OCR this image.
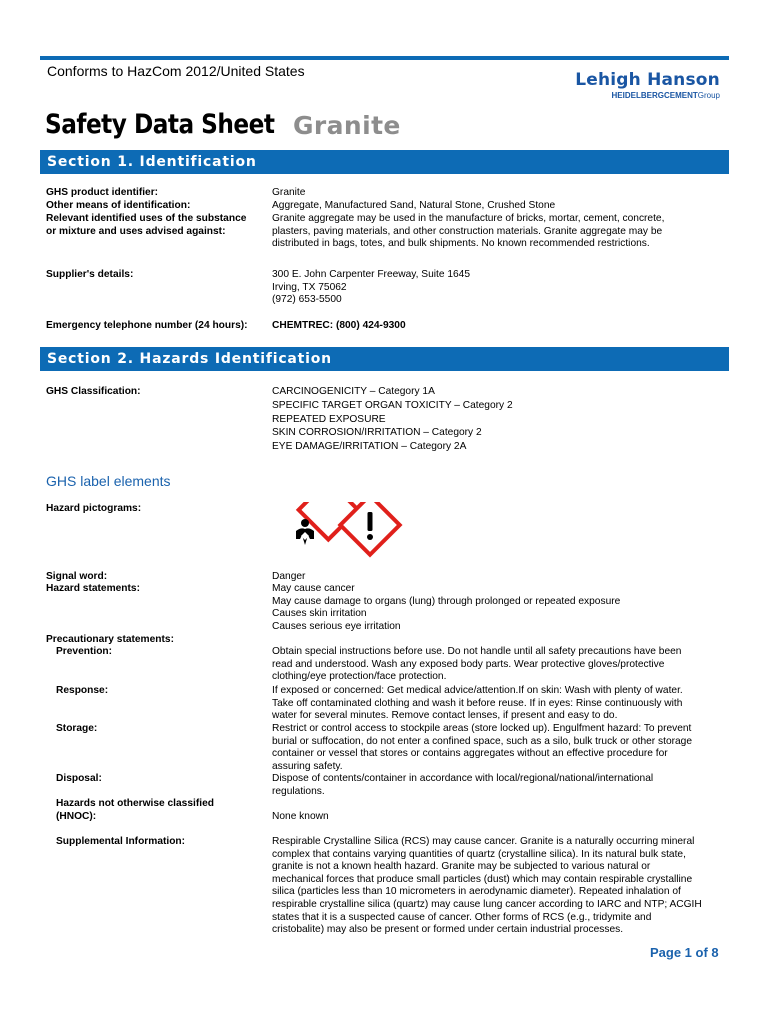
Conforms to HazCom 2012/United States	Lehigh Hanson
HEIDELBERGCEMENTGroup
Safety Data Sheet Granite
Section 1. Identification
GHS product identifier:	Granite
Other means of identification:	Aggregate, Manufactured Sand, Natural Stone, Crushed Stone
Relevant identified uses of the substance
or mixture and uses advised against:
Granite aggregate may be used in the manufacture of bricks, mortar, cement, concrete,
plasters, paving materials, and other construction materials. Granite aggregate may be
distributed in bags, totes, and bulk shipments. No known recommended restrictions.
Supplier's details:	300 E. John Carpenter Freeway, Suite 1645
Irving, TX 75062
(972) 653-5500
Emergency telephone number (24 hours):	CHEMTREC: (800) 424-9300
Section 2. Hazards Identification
GHS Classification:	CARCINOGENICITY – Category 1A
SPECIFIC TARGET ORGAN TOXICITY – Category 2
REPEATED EXPOSURE
SKIN CORROSION/IRRITATION – Category 2
EYE DAMAGE/IRRITATION – Category 2A
GHS label elements
Hazard pictograms:
Signal word:	Danger
Hazard statements:	May cause cancer
May cause damage to organs (lung) through prolonged or repeated exposure
Causes skin irritation
Causes serious eye irritation
Precautionary statements:
Prevention:	Obtain special instructions before use. Do not handle until all safety precautions have been
read and understood. Wash any exposed body parts. Wear protective gloves/protective
clothing/eye protection/face protection.
Response:	If exposed or concerned: Get medical advice/attention.If on skin: Wash with plenty of water.
Take off contaminated clothing and wash it before reuse. If in eyes: Rinse continuously with
water for several minutes. Remove contact lenses, if present and easy to do.
Storage:	Restrict or control access to stockpile areas (store locked up). Engulfment hazard: To prevent
burial or suffocation, do not enter a confined space, such as a silo, bulk truck or other storage
container or vessel that stores or contains aggregates without an effective procedure for
assuring safety.
Disposal:	Dispose of contents/container in accordance with local/regional/national/international
regulations.
Hazards not otherwise classified
(HNOC):	None known
Supplemental Information:	Respirable Crystalline Silica (RCS) may cause cancer. Granite is a naturally occurring mineral
complex that contains varying quantities of quartz (crystalline silica). In its natural bulk state,
granite is not a known health hazard. Granite may be subjected to various natural or
mechanical forces that produce small particles (dust) which may contain respirable crystalline
silica (particles less than 10 micrometers in aerodynamic diameter). Repeated inhalation of
respirable crystalline silica (quartz) may cause lung cancer according to IARC and NTP; ACGIH
states that it is a suspected cause of cancer. Other forms of RCS (e.g., tridymite and
cristobalite) may also be present or formed under certain industrial processes.
Page 1 of 8
